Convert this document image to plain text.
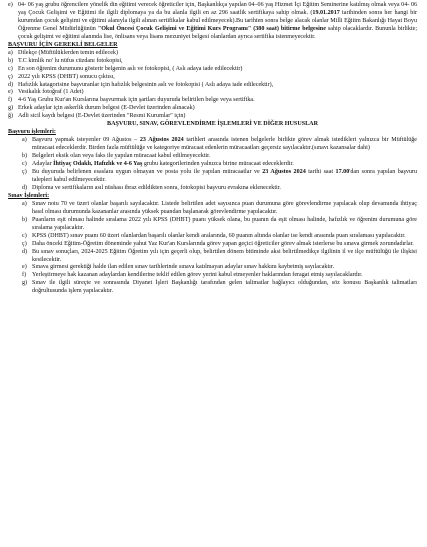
e) 04- 06 yaş grubu öğrencilere yönelik din eğitimi verecek öğreticiler için, Başkanlıkça yapılan 04–06 yaş Hizmet İçi Eğitim Seminerine katılmış olmak veya 04- 06 yaş Çocuk Gelişimi ve Eğitimi ile ilgili diplomaya ya da bu alanla ilgili en az 296 saatlik sertifikaya sahip olmak. (19.01.2017 tarihinden sonra her hangi bir kurumdan çocuk gelişimi ve eğitimi alanıyla ilgili alınan sertifikalar kabul edilmeyecek).Bu tarihten sonra belge alacak olanlar Milli Eğitim Bakanlığı Hayat Boyu Öğrenme Genel Müdürlüğünün "Okul Öncesi Çocuk Gelişimi ve Eğitimi Kurs Programı" (380 saat) bitirme belgesine sahip olacaklardır. Bununla birlikte; çocuk gelişimi ve eğitimi alanında lise, önlisans veya lisans mezuniyet belgesi olanlardan ayrıca sertifika istenmeyecektir.

BAŞVURU İÇİN GEREKLİ BELGELER

a) Dilekçe (Müftülüklerden temin edilecek)
b) T.C kimlik no' lu nüfus cüzdanı fotokopisi,
c) En son öğrenim durumunu gösterir belgenin aslı ve fotokopisi, ( Aslı adaya iade edilecektir)
ç) 2022 yılı KPSS (DHBT) sonucu çıktısı,
d) Hafızlık katagorisine başvuranlar için hafızlık belgesinin aslı ve fotokopisi ( Aslı adaya iade edilecektir),
e) Vesikalık fotoğraf (1 Adet)
f) 4-6 Yaş Grubu Kur'an Kurslarına başvurmak için şartları duyuruda belirtilen belge veya sertifika.
g) Erkek adaylar için askerlik durum belgesi (E-Devlet üzerinden alınacak)
ğ) Adli sicil kaydı belgesi (E-Devlet üzerinden "Resmi Kurumlar" için)

BAŞVURU, SINAV, GÖREVLENDİRME İŞLEMLERİ VE DİĞER HUSUSLAR

Başvuru işlemleri:

a) Başvuru yapmak isteyenler 09 Ağustos – 23 Ağustos 2024 tarihleri arasında istenen belgelerle birlikte görev almak istedikleri yalnızca bir Müftülüğe müracaat edeceklerdir. Birden fazla müftülüğe ve kategoriye müracaat edenlerin müracaatları geçersiz sayılacaktır.(sınavı kazansalar dahi)
b) Belgeleri eksik olan veya faks ile yapılan müracaat kabul edilmeyecektir.
c) Adaylar İhtiyaç Odaklı, Hafızlık ve 4-6 Yaş grubu kategorilerinden yalnızca birine müracaat edeceklerdir.
ç) Bu duyuruda belirlenen esaslara uygun olmayan ve posta yolu ile yapılan müracaatlar ve 23 Ağustos 2024 tarihi saat 17.00'dan sonra yapılan başvuru talepleri kabul edilmeyecektir.
d) Diploma ve sertifikaların asıl nüshası ibraz edildikten sonra, fotokopisi başvuru evrakına eklenecektir.

Sınav İşlemleri:

a) Sınav notu 70 ve üzeri olanlar başarılı sayılacaktır. Listede belirtilen adet sayısınca puan durumuna göre görevlendirme yapılacak olup devamında ihtiyaç hasıl olması durumunda kazananlar arasında yüksek puandan başlanarak görevlendirme yapılacaktır.
b) Puanların eşit olması halinde sıralama 2022 yılı KPSS (DHBT) puanı yüksek olana, bu puanın da eşit olması halinde, hafızlık ve öğrenim durumuna göre sıralama yapılacaktır.
c) KPSS (DHBT) sınav puanı 60 üzeri olanlardan başarılı olanlar kendi aralarında, 60 puanın altında olanlar ise kendi arasında puan sıralaması yapılacaktır.
ç) Daha önceki Eğitim-Öğretim döneminde yahut Yaz Kur'an Kurslarında görev yapan geçici öğreticiler görev almak isterlerse bu sınava girmek zorundadırlar.
d) Bu sınav sonuçları, 2024-2025 Eğitim Öğretim yılı için geçerli olup, belirtilen dönem bitiminde aksi belirtilmedikçe ilgilinin il ve ilçe müftülüğü ile ilişkisi kesilecektir.
e) Sınava girmesi gerektiği halde ilan edilen sınav tarihlerinde sınava katılmayan adaylar sınav hakkını kaybetmiş sayılacaktır.
f) Yerleştirmeye hak kazanan adaylardan kendilerine teklif edilen görev yerini kabul etmeyenler haklarından feragat etmiş sayılacaklardır.
g) Sınav ile ilgili süreçte ve sonrasında Diyanet İşleri Başkanlığı tarafından gelen talimatlar bağlayıcı olduğundan, söz konusu Başkanlık talimatları doğrultusunda işlem yapılacaktır.
